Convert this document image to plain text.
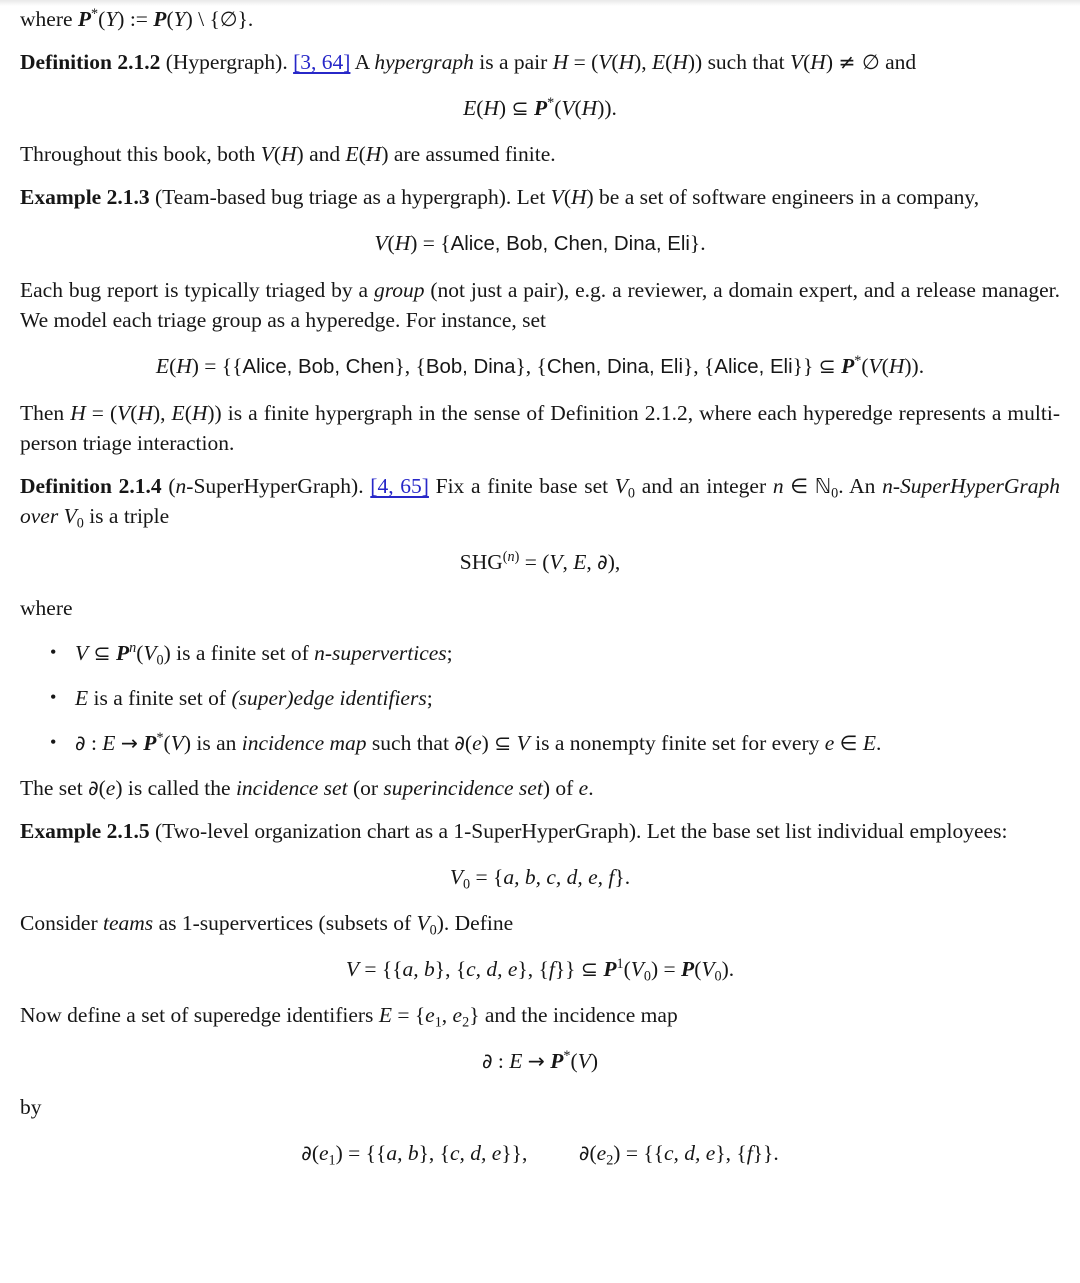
where P*(Y) := P(Y) \ {∅}.
Definition 2.1.2 (Hypergraph). [3, 64] A hypergraph is a pair H = (V(H), E(H)) such that V(H) ≠ ∅ and
E(H) ⊆ P*(V(H)).
Throughout this book, both V(H) and E(H) are assumed finite.
Example 2.1.3 (Team-based bug triage as a hypergraph). Let V(H) be a set of software engineers in a company,
V(H) = {Alice, Bob, Chen, Dina, Eli}.
Each bug report is typically triaged by a group (not just a pair), e.g. a reviewer, a domain expert, and a release manager. We model each triage group as a hyperedge. For instance, set
E(H) = {{Alice, Bob, Chen}, {Bob, Dina}, {Chen, Dina, Eli}, {Alice, Eli}} ⊆ P*(V(H)).
Then H = (V(H), E(H)) is a finite hypergraph in the sense of Definition 2.1.2, where each hyperedge represents a multi-person triage interaction.
Definition 2.1.4 (n-SuperHyperGraph). [4, 65] Fix a finite base set V0 and an integer n ∈ ℕ0. An n-SuperHyperGraph over V0 is a triple
$SHG^{(n)} = (V$, E, ∂),
where
• V ⊆ $P^n(V0)$ is a finite set of n-supervertices;
• E is a finite set of (super)edge identifiers;
• ∂ : E → P*(V) is an incidence map such that ∂(e) ⊆ V is a nonempty finite set for every e ∈ E.
The set ∂(e) is called the incidence set (or superincidence set) of e.
Example 2.1.5 (Two-level organization chart as a 1-SuperHyperGraph). Let the base set list individual employees:
V0 = {a, b, c, d, e, f}.
Consider teams as 1-supervertices (subsets of V0). Define
V = {{a, b}, {c, d, e}, {f}} ⊆ $P^1(V0) = P(V0)$.
Now define a set of superedge identifiers E = {e1, e2} and the incidence map
∂ : E → P*(V)
by
∂(e1) = {{a, b}, {c, d, e}},	∂(e2) = {{c, d, e}, {f}}.
